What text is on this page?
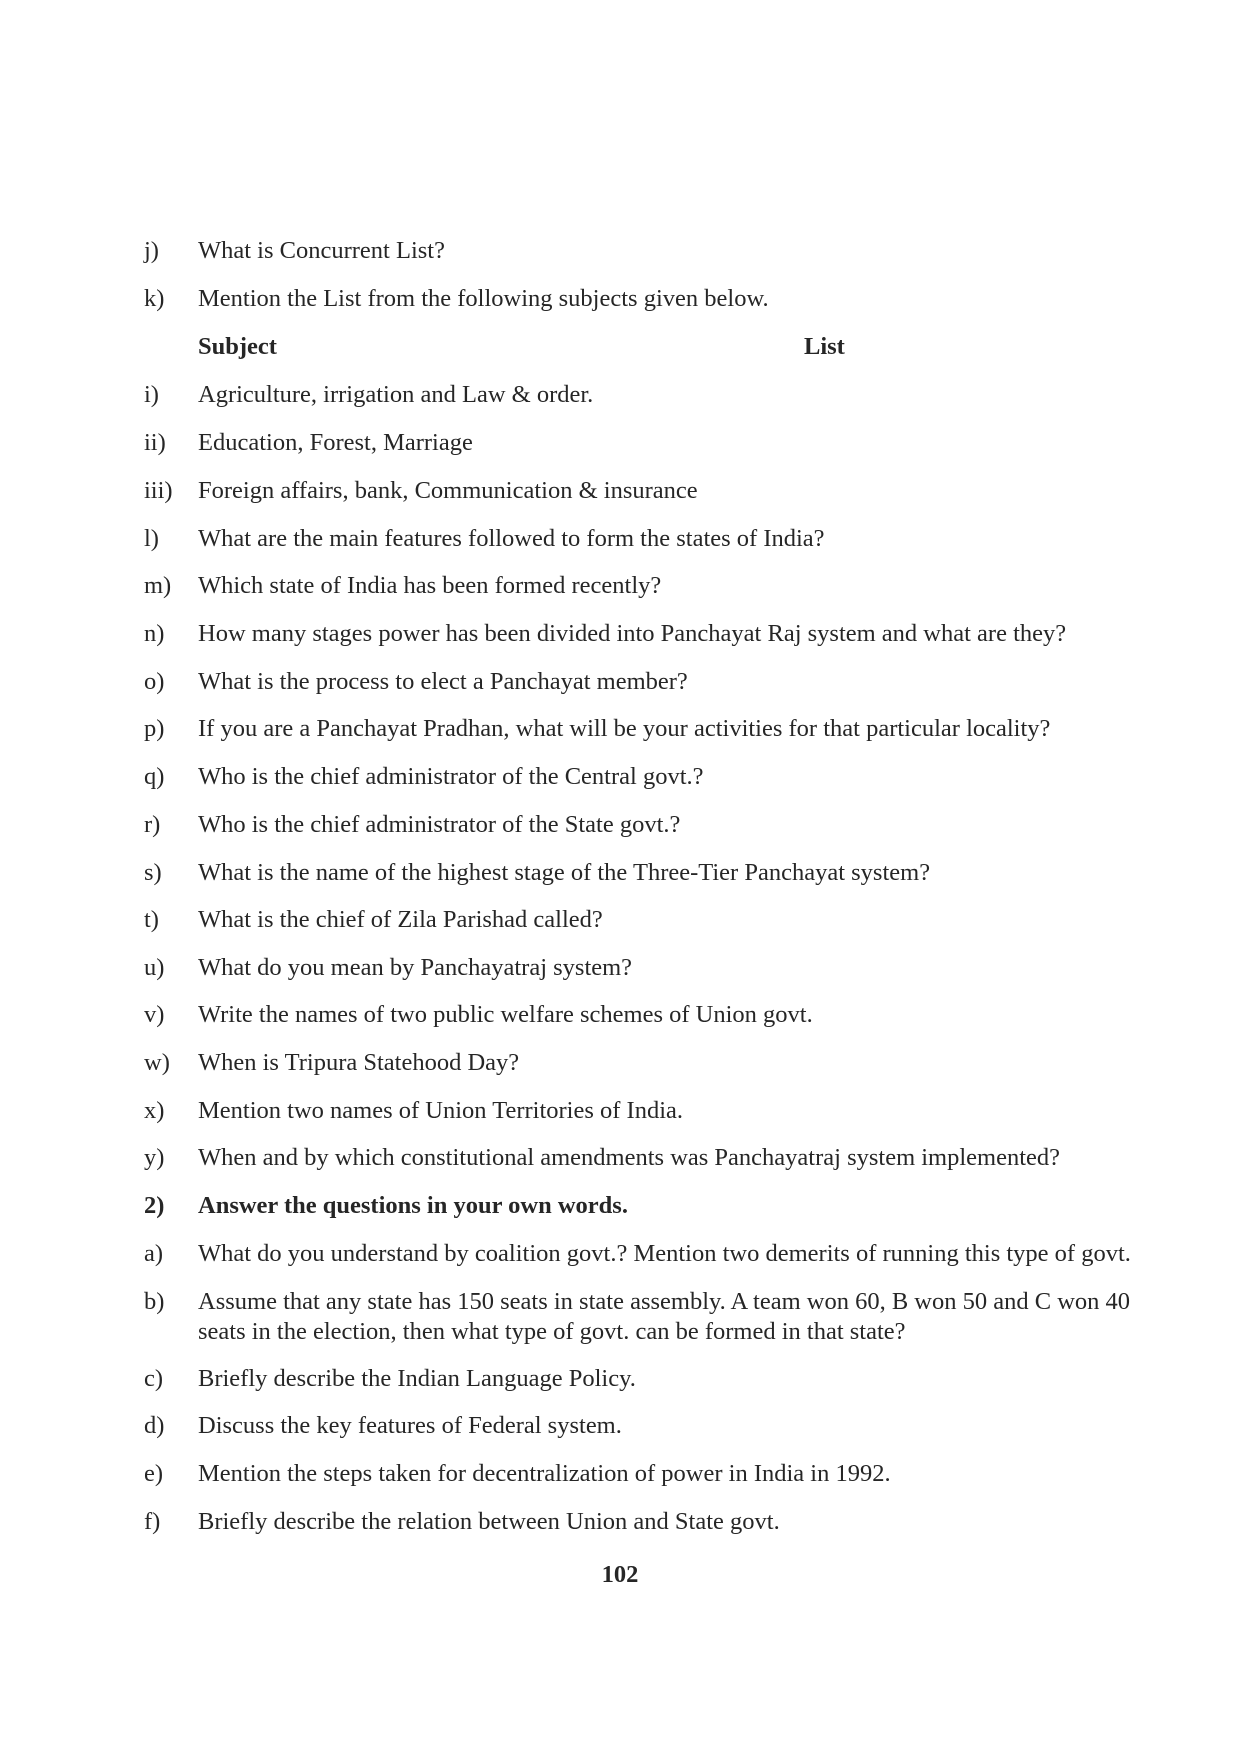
j) What is Concurrent List?
k) Mention the List from the following subjects given below.
Subject	List
i) Agriculture, irrigation and Law & order.
ii) Education, Forest, Marriage
iii) Foreign affairs, bank, Communication & insurance
l) What are the main features followed to form the states of India?
m) Which state of India has been formed recently?
n) How many stages power has been divided into Panchayat Raj system and what are they?
o) What is the process to elect a Panchayat member?
p) If you are a Panchayat Pradhan, what will be your activities for that particular locality?
q) Who is the chief administrator of the Central govt.?
r) Who is the chief administrator of the State govt.?
s) What is the name of the highest stage of the Three-Tier Panchayat system?
t) What is the chief of Zila Parishad called?
u) What do you mean by Panchayatraj system?
v) Write the names of two public welfare schemes of Union govt.
w) When is Tripura Statehood Day?
x) Mention two names of Union Territories of India.
y) When and by which constitutional amendments was Panchayatraj system implemented?
2) Answer the questions in your own words.
a) What do you understand by coalition govt.? Mention two demerits of running this type of govt.
b) Assume that any state has 150 seats in state assembly. A team won 60, B won 50 and C won 40 seats in the election, then what type of govt. can be formed in that state?
c) Briefly describe the Indian Language Policy.
d) Discuss the key features of Federal system.
e) Mention the steps taken for decentralization of power in India in 1992.
f) Briefly describe the relation between Union and State govt.
102
